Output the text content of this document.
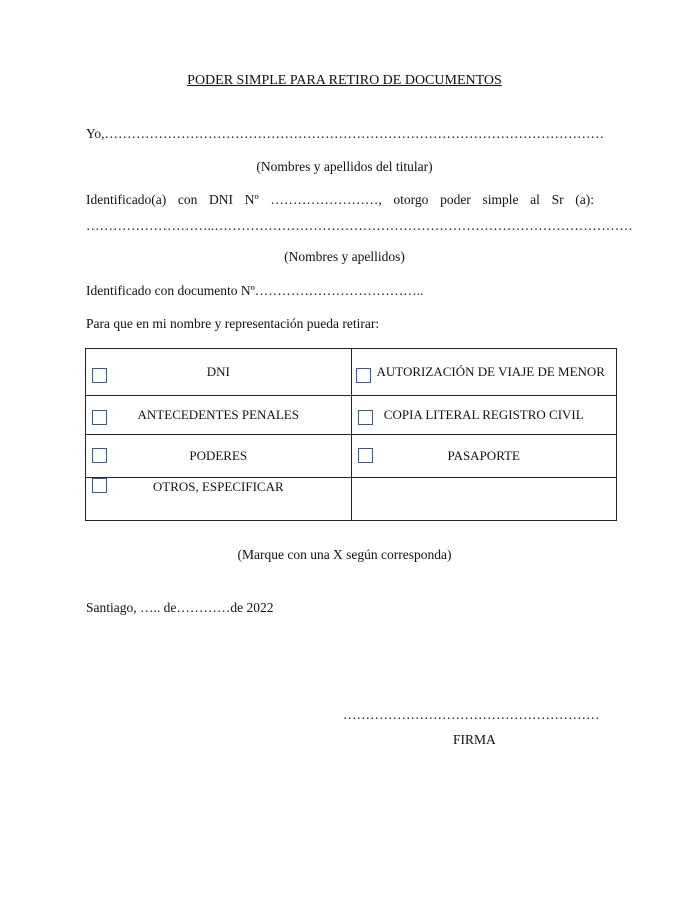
PODER SIMPLE PARA RETIRO DE DOCUMENTOS
Yo,…………………………………………………………………………………………………
(Nombres y apellidos del titular)
Identificado(a) con DNI Nº ……………………, otorgo poder simple al Sr (a):
………………………..…………………………………………………………………………………
(Nombres y apellidos)
Identificado con documento Nº………………………………..
Para que en mi nombre y representación pueda retirar:
DNI	AUTORIZACIÓN DE VIAJE DE MENOR

ANTECEDENTES PENALES	COPIA LITERAL REGISTRO CIVIL

PODERES	PASAPORTE

OTROS, ESPECIFICAR	

(Marque con una X según corresponda)
Santiago, ….. de…………de 2022
…………………………………………………
FIRMA
